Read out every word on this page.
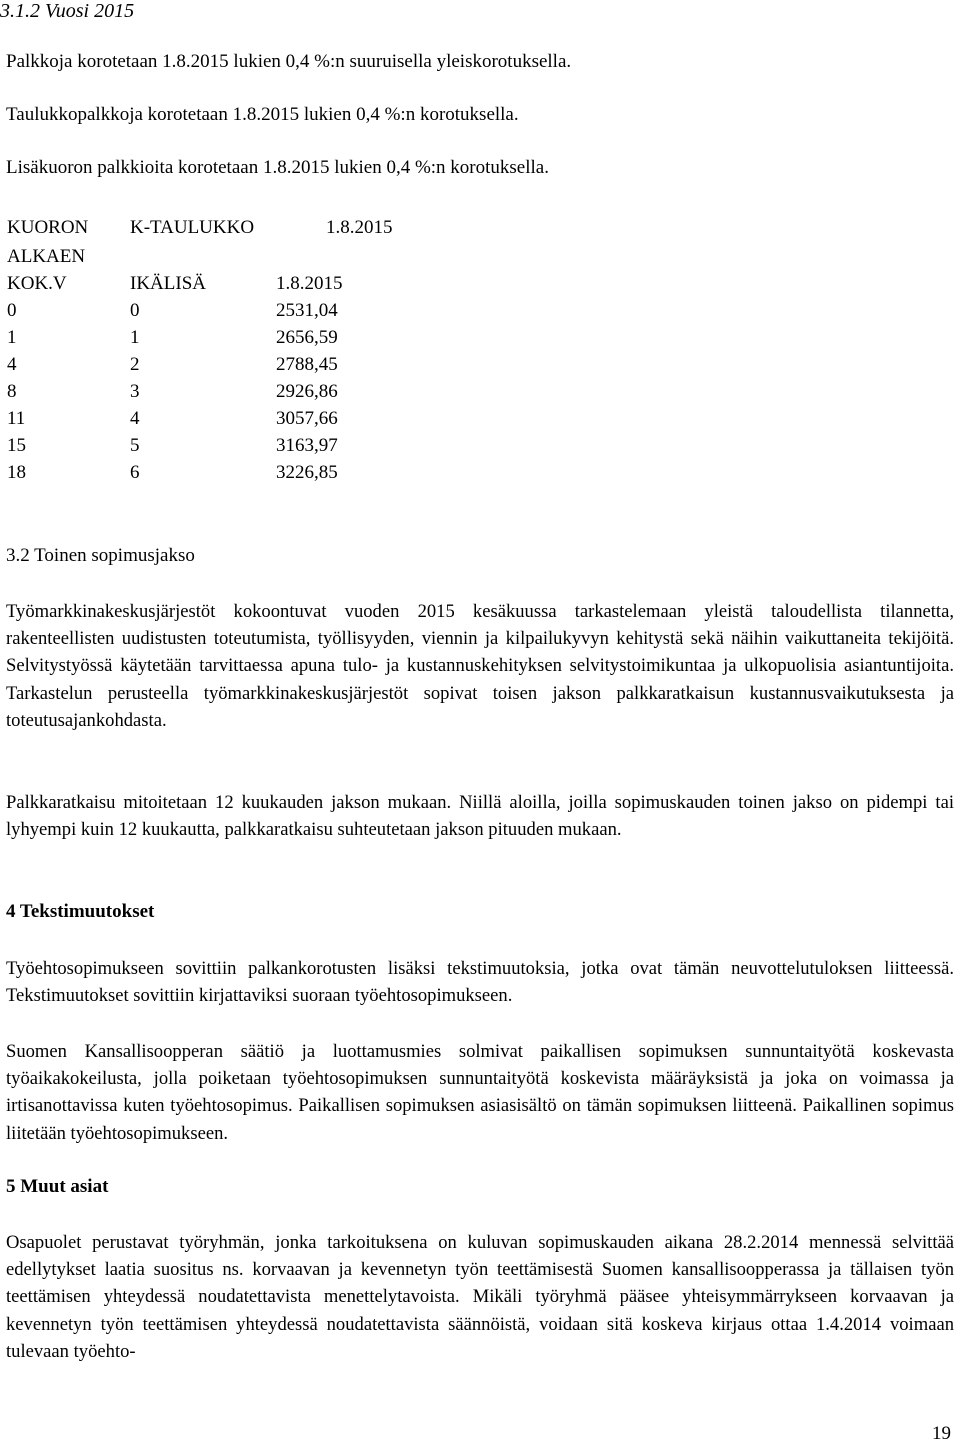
3.1.2 Vuosi 2015
Palkkoja korotetaan 1.8.2015 lukien 0,4 %:n suuruisella yleiskorotuksella.
Taulukkopalkkoja korotetaan 1.8.2015 lukien 0,4 %:n korotuksella.
Lisäkuoron palkkioita korotetaan 1.8.2015 lukien 0,4 %:n korotuksella.
KUORON K-TAULUKKO	1.8.2015
ALKAEN
KOK.V	IKÄLISÄ	1.8.2015
0	0	2531,04
1	1	2656,59
4	2	2788,45
8	3	2926,86
11	4	3057,66
15	5	3163,97
18	6	3226,85
3.2 Toinen sopimusjakso
Työmarkkinakeskusjärjestöt kokoontuvat vuoden 2015 kesäkuussa tarkastelemaan yleistä taloudellista tilannetta, rakenteellisten uudistusten toteutumista, työllisyyden, viennin ja kilpailukyvyn kehitystä sekä näihin vaikuttaneita tekijöitä. Selvitystyössä käytetään tarvittaessa apuna tulo- ja kustannuskehityksen selvitystoimikuntaa ja ulkopuolisia asiantuntijoita. Tarkastelun perusteella työmarkkinakeskusjärjestöt sopivat toisen jakson palkkaratkaisun kustannusvaikutuksesta ja toteutusajankohdasta.
Palkkaratkaisu mitoitetaan 12 kuukauden jakson mukaan. Niillä aloilla, joilla sopimuskauden toinen jakso on pidempi tai lyhyempi kuin 12 kuukautta, palkkaratkaisu suhteutetaan jakson pituuden mukaan.
4 Tekstimuutokset
Työehtosopimukseen sovittiin palkankorotusten lisäksi tekstimuutoksia, jotka ovat tämän neuvottelutuloksen liitteessä. Tekstimuutokset sovittiin kirjattaviksi suoraan työehtosopimukseen.
Suomen Kansallisoopperan säätiö ja luottamusmies solmivat paikallisen sopimuksen sunnuntaityötä koskevasta työaikakokeilusta, jolla poiketaan työehtosopimuksen sunnuntaityötä koskevista määräyksistä ja joka on voimassa ja irtisanottavissa kuten työehtosopimus. Paikallisen sopimuksen asiasisältö on tämän sopimuksen liitteenä. Paikallinen sopimus liitetään työehtosopimukseen.
5 Muut asiat
Osapuolet perustavat työryhmän, jonka tarkoituksena on kuluvan sopimuskauden aikana 28.2.2014 mennessä selvittää edellytykset laatia suositus ns. korvaavan ja kevennetyn työn teettämisestä Suomen kansallisoopperassa ja tällaisen työn teettämisen yhteydessä noudatettavista menettelytavoista. Mikäli työryhmä pääsee yhteisymmärrykseen korvaavan ja kevennetyn työn teettämisen yhteydessä noudatettavista säännöistä, voidaan sitä koskeva kirjaus ottaa 1.4.2014 voimaan tulevaan työehto-
19
